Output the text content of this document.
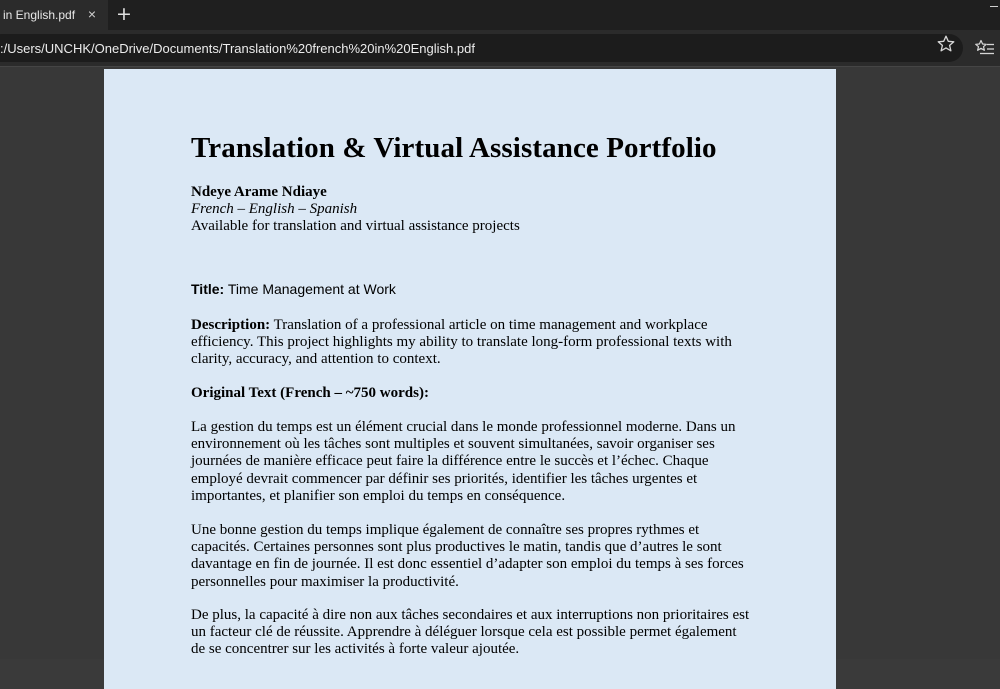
in English.pdf × +
:/Users/UNCHK/OneDrive/Documents/Translation%20french%20in%20English.pdf
Translation & Virtual Assistance Portfolio
Ndeye Arame Ndiaye
French – English – Spanish
Available for translation and virtual assistance projects
Title: Time Management at Work
Description: Translation of a professional article on time management and workplace efficiency. This project highlights my ability to translate long-form professional texts with clarity, accuracy, and attention to context.
Original Text (French – ~750 words):
La gestion du temps est un élément crucial dans le monde professionnel moderne. Dans un environnement où les tâches sont multiples et souvent simultanées, savoir organiser ses journées de manière efficace peut faire la différence entre le succès et l’échec. Chaque employé devrait commencer par définir ses priorités, identifier les tâches urgentes et importantes, et planifier son emploi du temps en conséquence.
Une bonne gestion du temps implique également de connaître ses propres rythmes et capacités. Certaines personnes sont plus productives le matin, tandis que d’autres le sont davantage en fin de journée. Il est donc essentiel d’adapter son emploi du temps à ses forces personnelles pour maximiser la productivité.
De plus, la capacité à dire non aux tâches secondaires et aux interruptions non prioritaires est un facteur clé de réussite. Apprendre à déléguer lorsque cela est possible permet également de se concentrer sur les activités à forte valeur ajoutée.
